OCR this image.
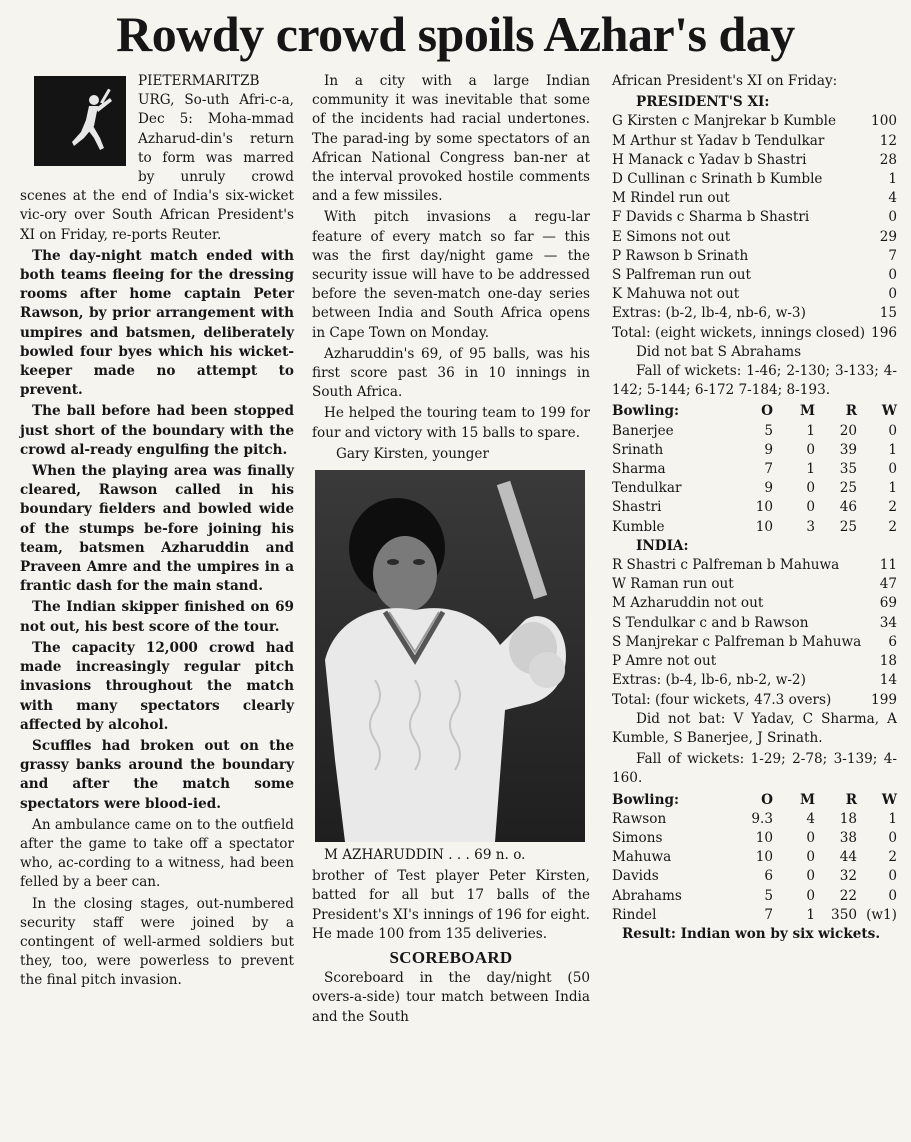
Rowdy crowd spoils Azhar's day

PIETERMARITZB URG, So-uth Afri-c-a, Dec 5: Moha-mmad Azharud-din's return to form was marred by unruly crowd scenes at the end of India's six-wicket vic-ory over South African President's XI on Friday, re-ports Reuter.

The day-night match ended with both teams fleeing for the dressing rooms after home captain Peter Rawson, by prior arrangement with umpires and batsmen, deliberately bowled four byes which his wicket-keeper made no attempt to prevent.

The ball before had been stopped just short of the boundary with the crowd al-ready engulfing the pitch.

When the playing area was finally cleared, Rawson called in his boundary fielders and bowled wide of the stumps be-fore joining his team, batsmen Azharuddin and Praveen Amre and the umpires in a frantic dash for the main stand.

The Indian skipper finished on 69 not out, his best score of the tour.

The capacity 12,000 crowd had made increasingly regular pitch invasions throughout the match with many spectators clearly affected by alcohol.

Scuffles had broken out on the grassy banks around the boundary and after the match some spectators were blood-ied.

An ambulance came on to the outfield after the game to take off a spectator who, ac-cording to a witness, had been felled by a beer can.

In the closing stages, out-numbered security staff were joined by a contingent of well-armed soldiers but they, too, were powerless to prevent the final pitch invasion.

In a city with a large Indian community it was inevitable that some of the incidents had racial undertones. The parad-ing by some spectators of an African National Congress ban-ner at the interval provoked hostile comments and a few missiles.

With pitch invasions a regu-lar feature of every match so far — this was the first day/night game — the security issue will have to be addressed before the seven-match one-day series between India and South Africa opens in Cape Town on Monday.

Azharuddin's 69, of 95 balls, was his first score past 36 in 10 innings in South Africa.

He helped the touring team to 199 for four and victory with 15 balls to spare.

Gary Kirsten, younger

M AZHARUDDIN . . . 69 n. o.

brother of Test player Peter Kirsten, batted for all but 17 balls of the President's XI's innings of 196 for eight. He made 100 from 135 deliveries.

SCOREBOARD

Scoreboard in the day/night (50 overs-a-side) tour match between India and the South

African President's XI on Friday:

PRESIDENT'S XI:
G Kirsten c Manjrekar b Kumble	100
M Arthur st Yadav b Tendulkar	12
H Manack c Yadav b Shastri	28
D Cullinan c Srinath b Kumble	1
M Rindel run out	4
F Davids c Sharma b Shastri	0
E Simons not out	29
P Rawson b Srinath	7
S Palfreman run out	0
K Mahuwa not out	0
Extras: (b-2, lb-4, nb-6, w-3)	15
Total: (eight wickets, innings closed) 196
Did not bat S Abrahams

Fall of wickets: 1-46; 2-130; 3-133; 4-142; 5-144; 6-172 7-184; 8-193.

Bowling:	O	M	R	W
Banerjee	5	1	20	0
Srinath	9	0	39	1
Sharma	7	1	35	0
Tendulkar	9	0	25	1
Shastri	10	0	46	2
Kumble	10	3	25	2
INDIA:
R Shastri c Palfreman b Mahuwa	11
W Raman run out	47
M Azharuddin not out	69
S Tendulkar c and b Rawson	34
S Manjrekar c Palfreman b Mahuwa	6
P Amre not out	18
Extras: (b-4, lb-6, nb-2, w-2)	14
Total: (four wickets, 47.3 overs)	199

Did not bat: V Yadav, C Sharma, A Kumble, S Banerjee, J Srinath.

Fall of wickets: 1-29; 2-78; 3-139; 4-160.

Bowling:	O	M	R	W
Rawson	9.3	4	18	1
Simons	10	0	38	0
Mahuwa	10	0	44	2
Davids	6	0	32	0
Abrahams	5	0	22	0
Rindel	7	1	350	(w1)
Result: Indian won by six wickets.
